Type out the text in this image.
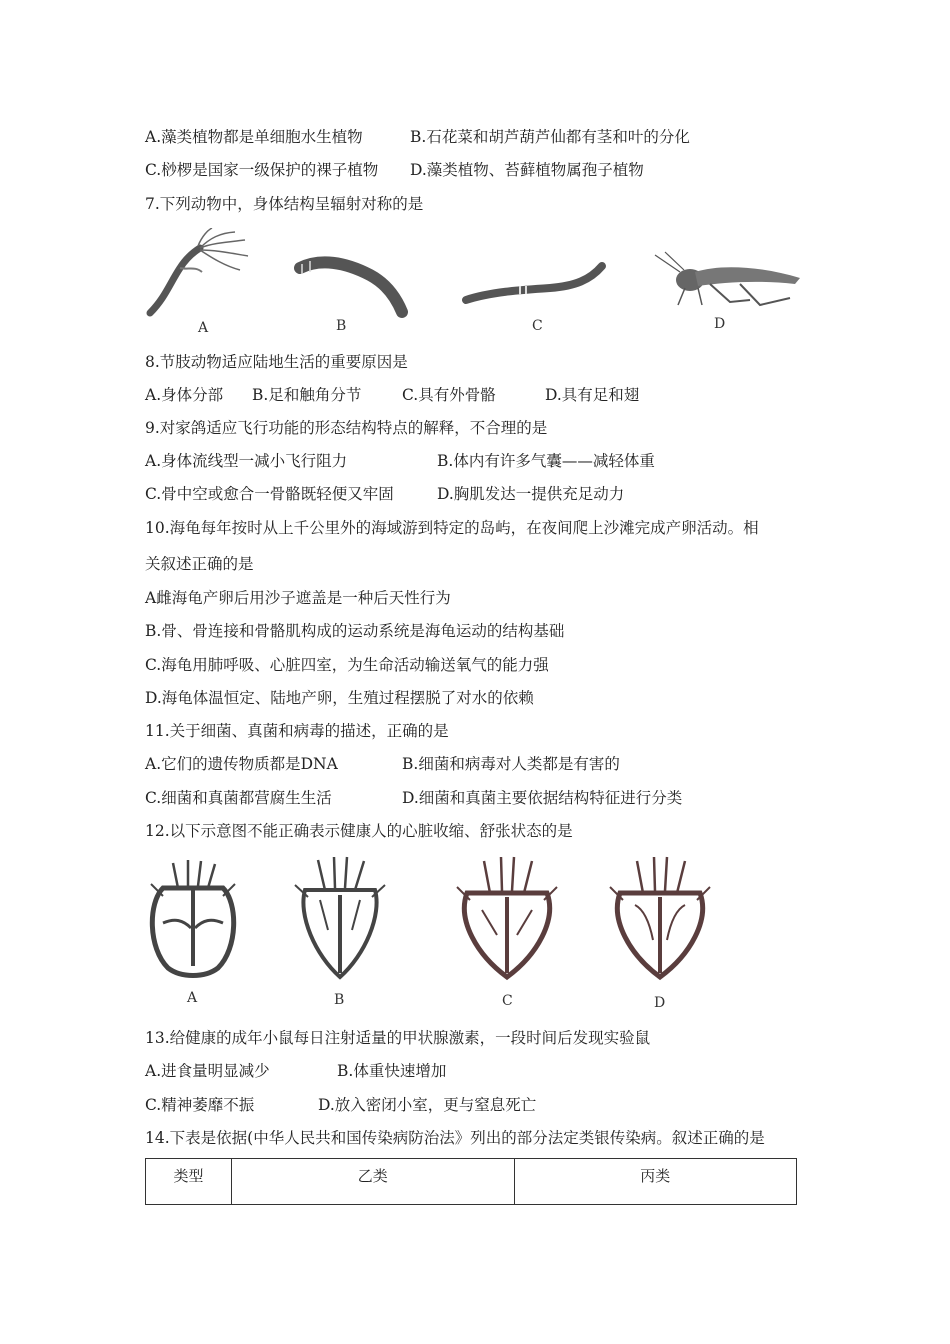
A.藻类植物都是单细胞水生植物	B.石花菜和胡芦葫芦仙都有茎和叶的分化
C.桫椤是国家一级保护的裸子植物 D.藻类植物、苔藓植物属孢子植物
7.下列动物中，身体结构呈辐射对称的是
A	B	C	D
8.节肢动物适应陆地生活的重要原因是
A.身体分部 B.足和触角分节	C.具有外骨骼	D.具有足和翅
9.对家鸽适应飞行功能的形态结构特点的解释，不合理的是
A.身体流线型一减小飞行阻力	B.体内有许多气囊——减轻体重
C.骨中空或愈合一骨骼既轻便又牢固	D.胸肌发达一提供充足动力
10.海龟每年按时从上千公里外的海域游到特定的岛屿，在夜间爬上沙滩完成产卵活动。相
关叙述正确的是
A雌海龟产卵后用沙子遮盖是一种后天性行为
B.骨、骨连接和骨骼肌构成的运动系统是海龟运动的结构基础
C.海龟用肺呼吸、心脏四室，为生命活动输送氧气的能力强
D.海龟体温恒定、陆地产卵，生殖过程摆脱了对水的依赖
11.关于细菌、真菌和病毒的描述，正确的是
A.它们的遗传物质都是DNA	B.细菌和病毒对人类都是有害的
C.细菌和真菌都营腐生生活	D.细菌和真菌主要依据结构特征进行分类
12.以下示意图不能正确表示健康人的心脏收缩、舒张状态的是
A	B	C	D
13.给健康的成年小鼠每日注射适量的甲状腺激素，一段时间后发现实验鼠
A.进食量明显减少	B.体重快速增加
C.精神萎靡不振	D.放入密闭小室，更与窒息死亡
14.下表是依据(中华人民共和国传染病防治法》列出的部分法定类银传染病。叙述正确的是
类型	乙类	丙类
